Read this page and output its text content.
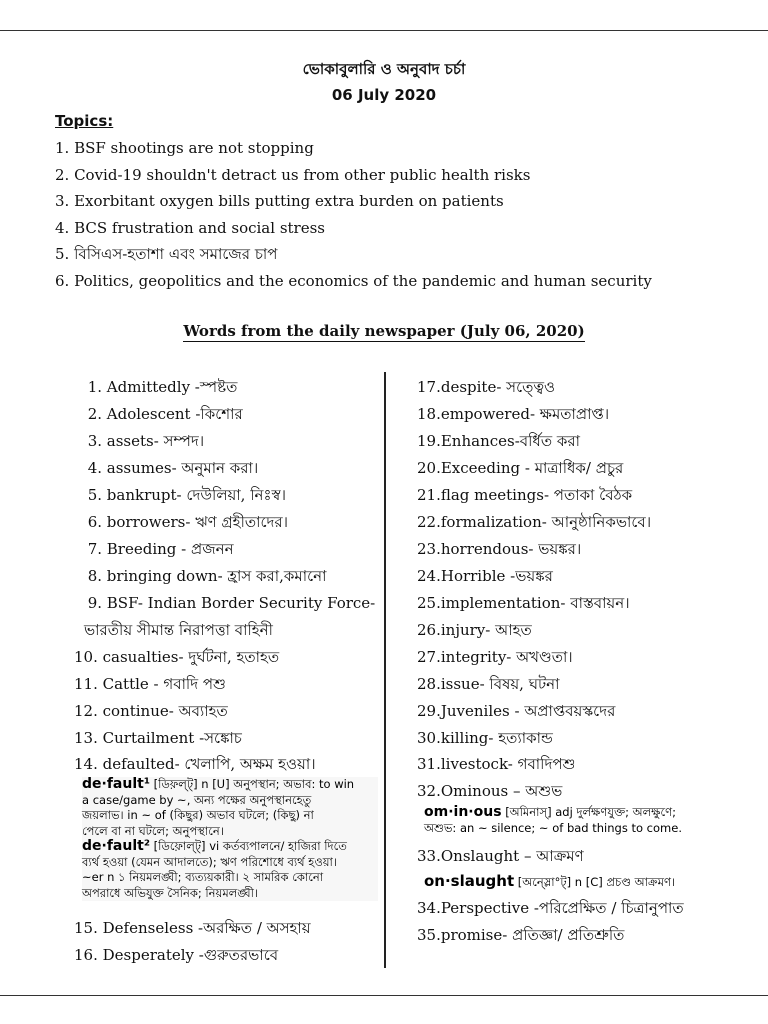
ভোকাবুলারি ও অনুবাদ চর্চা
06 July 2020
Topics:
1. BSF shootings are not stopping
2. Covid-19 shouldn't detract us from other public health risks
3. Exorbitant oxygen bills putting extra burden on patients
4. BCS frustration and social stress
5. বিসিএস-হতাশা এবং সমাজের চাপ
6. Politics, geopolitics and the economics of the pandemic and human security
Words from the daily newspaper (July 06, 2020)
1. Admittedly -স্পষ্টত
2. Adolescent -কিশোর
3. assets- সম্পদ।
4. assumes- অনুমান করা।
5. bankrupt- দেউলিয়া, নিঃস্ব।
6. borrowers- ঋণ গ্রহীতাদের।
7. Breeding - প্রজনন
8. bringing down- হ্রাস করা,কমানো
9. BSF- Indian Border Security Force-
ভারতীয় সীমান্ত নিরাপত্তা বাহিনী
10. casualties- দুর্ঘটনা, হতাহত
11. Cattle - গবাদি পশু
12. continue- অব্যাহত
13. Curtailment -সঙ্কোচ
14. defaulted- খেলাপি, অক্ষম হওয়া।
15. Defenseless -অরক্ষিত / অসহায়
16. Desperately -গুরুতরভাবে
de·fault¹ [ডিফ়ল্ট্] n [U] অনুপস্থান; অভাব: to win
a case/game by ~, অন্য পক্ষের অনুপস্থানহেতু
জয়লাভ। in ~ of (কিছুর) অভাব ঘটলে; (কিছু) না
পেলে বা না ঘটলে; অনুপস্থানে।
de·fault² [ডিফ়োল্ট্] vi কর্তব্যপালনে/ হাজিরা দিতে
ব্যর্থ হওয়া (যেমন আদালতে); ঋণ পরিশোধে ব্যর্থ হওয়া।
~er n ১ নিয়মলঙ্ঘী; ব্যত্যয়কারী। ২ সামরিক কোনো
অপরাধে অভিযুক্ত সৈনিক; নিয়মলঙ্ঘী।
17.despite- সত্ত্বেও
18.empowered- ক্ষমতাপ্রাপ্ত।
19.Enhances-বর্ধিত করা
20.Exceeding - মাত্রাধিক/ প্রচুর
21.flag meetings- পতাকা বৈঠক
22.formalization- আনুষ্ঠানিকভাবে।
23.horrendous- ভয়ঙ্কর।
24.Horrible -ভয়ঙ্কর
25.implementation- বাস্তবায়ন।
26.injury- আহত
27.integrity- অখণ্ডতা।
28.issue- বিষয়, ঘটনা
29.Juveniles - অপ্রাপ্তবয়স্কদের
30.killing- হত্যাকান্ড
31.livestock- গবাদিপশু
32.Ominous – অশুভ
33.Onslaught – আক্রমণ
34.Perspective -পরিপ্রেক্ষিত / চিত্রানুপাত
35.promise- প্রতিজ্ঞা/ প্রতিশ্রুতি
om·in·ous [অমিনাস্] adj দুর্লক্ষণযুক্ত; অলক্ষুণে;
অশুভ: an ~ silence; ~ of bad things to come.
on·slaught [অন্স্লো°ট্] n [C] প্রচণ্ড আক্রমণ।
